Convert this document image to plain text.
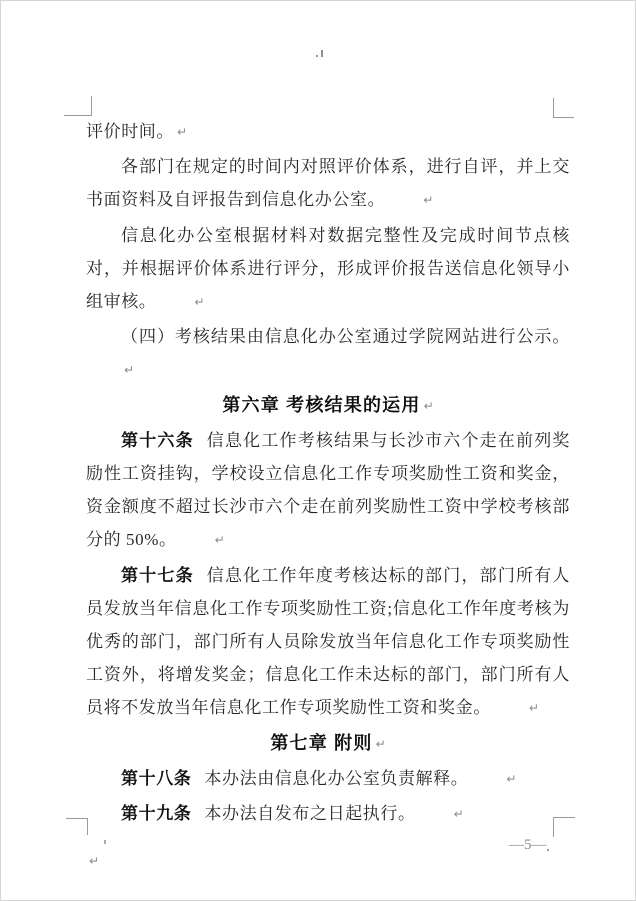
评价时间。 ↵

各部门在规定的时间内对照评价体系，进行自评，并上交书面资料及自评报告到信息化办公室。	↵

信息化办公室根据材料对数据完整性及完成时间节点核对，并根据评价体系进行评分，形成评价报告送信息化领导小组审核。	↵

（四）考核结果由信息化办公室通过学院网站进行公示。↵

第六章 考核结果的运用 ↵

第十六条 信息化工作考核结果与长沙市六个走在前列奖励性工资挂钩，学校设立信息化工作专项奖励性工资和奖金，资金额度不超过长沙市六个走在前列奖励性工资中学校考核部分的 50%。	↵

第十七条 信息化工作年度考核达标的部门，部门所有人员发放当年信息化工作专项奖励性工资;信息化工作年度考核为优秀的部门，部门所有人员除发放当年信息化工作专项奖励性工资外，将增发奖金；信息化工作未达标的部门，部门所有人员将不发放当年信息化工作专项奖励性工资和奖金。	↵

第七章 附则 ↵

第十八条 本办法由信息化办公室负责解释。	↵

第十九条 本办法自发布之日起执行。	↵

↵

—5—
